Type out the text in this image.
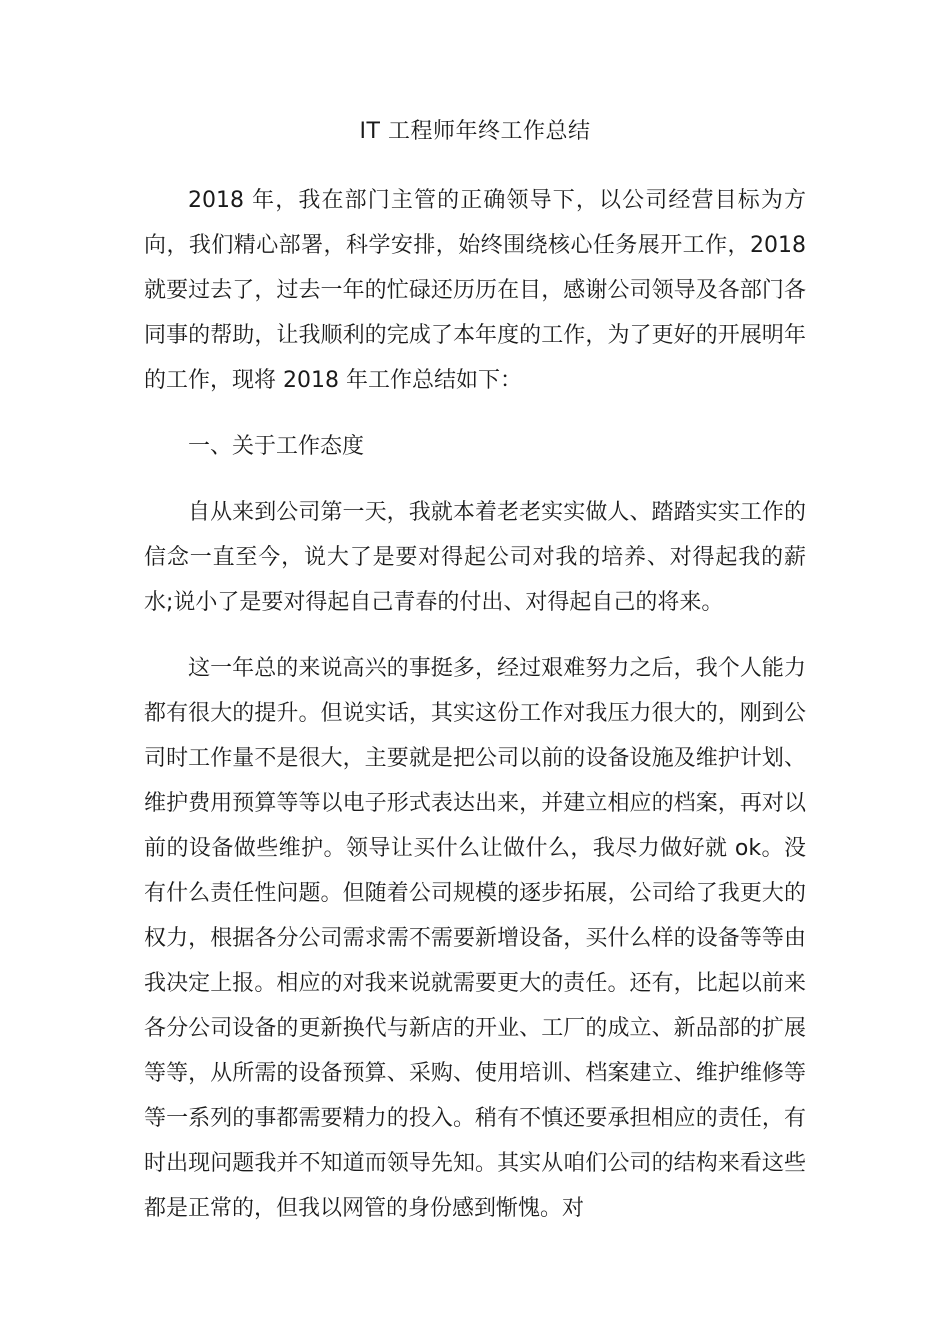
IT 工程师年终工作总结

2018 年，我在部门主管的正确领导下，以公司经营目标为方向，我们精心部署，科学安排，始终围绕核心任务展开工作，2018 就要过去了，过去一年的忙碌还历历在目，感谢公司领导及各部门各同事的帮助，让我顺利的完成了本年度的工作，为了更好的开展明年的工作，现将 2018 年工作总结如下：

一、关于工作态度

自从来到公司第一天，我就本着老老实实做人、踏踏实实工作的信念一直至今，说大了是要对得起公司对我的培养、对得起我的薪水;说小了是要对得起自己青春的付出、对得起自己的将来。

这一年总的来说高兴的事挺多，经过艰难努力之后，我个人能力都有很大的提升。但说实话，其实这份工作对我压力很大的，刚到公司时工作量不是很大，主要就是把公司以前的设备设施及维护计划、维护费用预算等等以电子形式表达出来，并建立相应的档案，再对以前的设备做些维护。领导让买什么让做什么，我尽力做好就 ok。没有什么责任性问题。但随着公司规模的逐步拓展，公司给了我更大的权力，根据各分公司需求需不需要新增设备，买什么样的设备等等由我决定上报。相应的对我来说就需要更大的责任。还有，比起以前来各分公司设备的更新换代与新店的开业、工厂的成立、新品部的扩展等等，从所需的设备预算、采购、使用培训、档案建立、维护维修等等一系列的事都需要精力的投入。稍有不慎还要承担相应的责任，有时出现问题我并不知道而领导先知。其实从咱们公司的结构来看这些都是正常的，但我以网管的身份感到惭愧。对
